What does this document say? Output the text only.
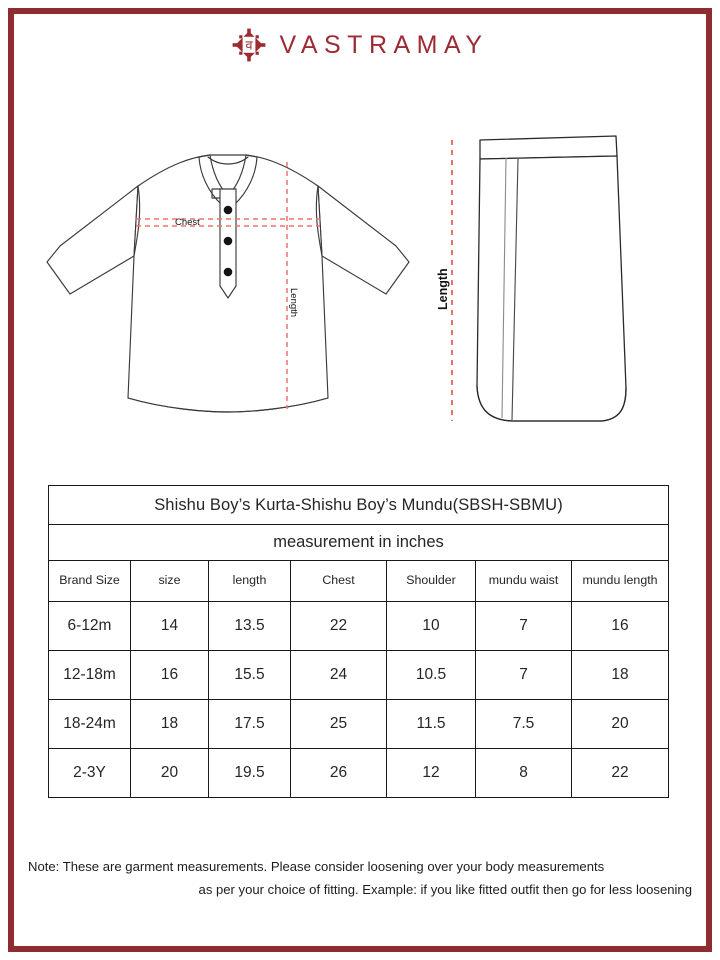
व VASTRAMAY
Chest
Length	Length
Shishu Boy’s Kurta-Shishu Boy’s Mundu(SBSH-SBMU)						
measurement in inches						
Brand Size	size	length	Chest	Shoulder	mundu waist	mundu length
6-12m	14	13.5	22	10	7	16
12-18m	16	15.5	24	10.5	7	18
18-24m	18	17.5	25	11.5	7.5	20
2-3Y	20	19.5	26	12	8	22
Note: These are garment measurements. Please consider loosening over your body measurements
as per your choice of fitting. Example: if you like fitted outfit then go for less loosening
